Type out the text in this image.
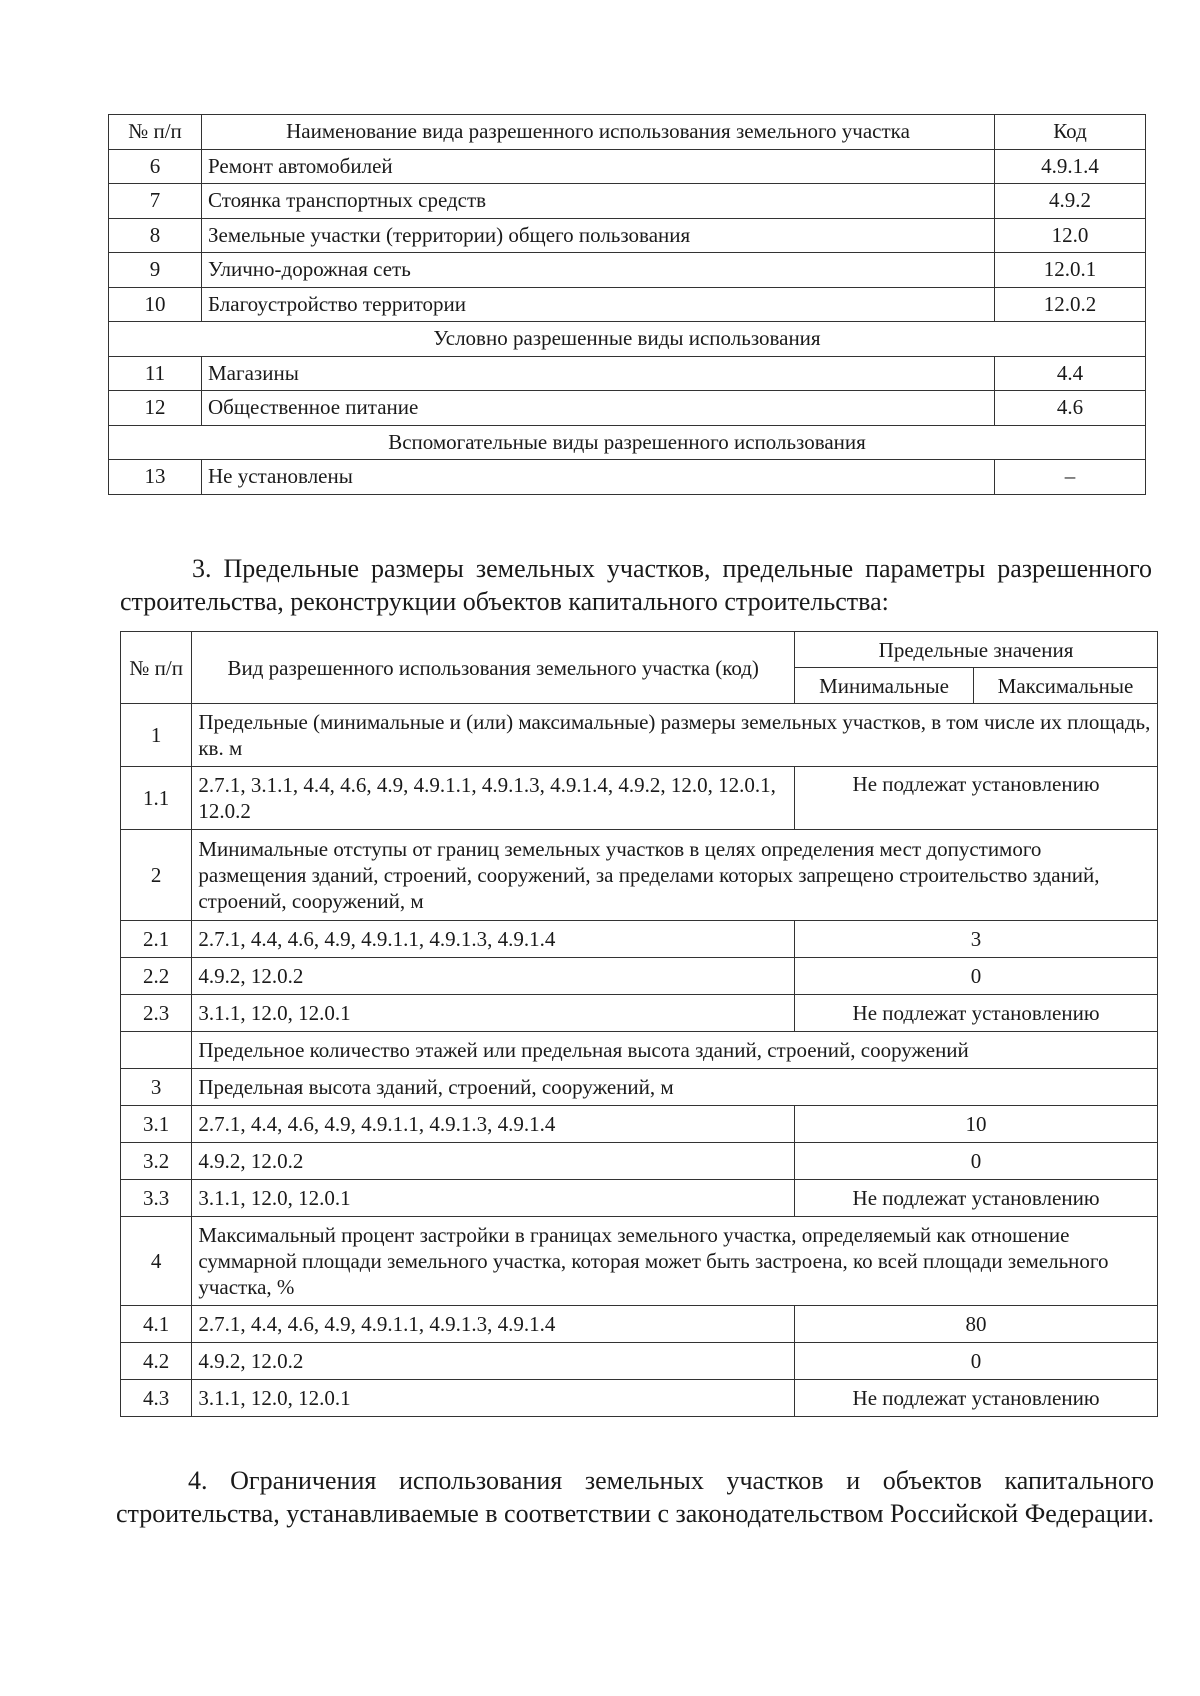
№ п/п	Наименование вида разрешенного использования земельного участка	Код
6	Ремонт автомобилей	4.9.1.4
7	Стоянка транспортных средств	4.9.2
8	Земельные участки (территории) общего пользования	12.0
9	Улично-дорожная сеть	12.0.1
10	Благоустройство территории	12.0.2
Условно разрешенные виды использования		
11	Магазины	4.4
12	Общественное питание	4.6
Вспомогательные виды разрешенного использования		
13	Не установлены	–
3. Предельные размеры земельных участков, предельные параметры разрешенного строительства, реконструкции объектов капитального строительства:
№ п/п	Вид разрешенного использования земельного участка (код)	Предельные значения	
		Минимальные	Максимальные
1	Предельные (минимальные и (или) максимальные) размеры земельных участков, в том числе их площадь, кв. м		
1.1	2.7.1, 3.1.1, 4.4, 4.6, 4.9, 4.9.1.1, 4.9.1.3, 4.9.1.4, 4.9.2, 12.0, 12.0.1, 12.0.2	Не подлежат установлению	
2	Минимальные отступы от границ земельных участков в целях определения мест допустимого размещения зданий, строений, сооружений, за пределами которых запрещено строительство зданий, строений, сооружений, м		
2.1	2.7.1, 4.4, 4.6, 4.9, 4.9.1.1, 4.9.1.3, 4.9.1.4	3	
2.2	4.9.2, 12.0.2	0	
2.3	3.1.1, 12.0, 12.0.1	Не подлежат установлению	
	Предельное количество этажей или предельная высота зданий, строений, сооружений		
3	Предельная высота зданий, строений, сооружений, м		
3.1	2.7.1, 4.4, 4.6, 4.9, 4.9.1.1, 4.9.1.3, 4.9.1.4	10	
3.2	4.9.2, 12.0.2	0	
3.3	3.1.1, 12.0, 12.0.1	Не подлежат установлению	
4	Максимальный процент застройки в границах земельного участка, определяемый как отношение суммарной площади земельного участка, которая может быть застроена, ко всей площади земельного участка, %		
4.1	2.7.1, 4.4, 4.6, 4.9, 4.9.1.1, 4.9.1.3, 4.9.1.4	80	
4.2	4.9.2, 12.0.2	0	
4.3	3.1.1, 12.0, 12.0.1	Не подлежат установлению	
4. Ограничения использования земельных участков и объектов капитального строительства, устанавливаемые в соответствии с законодательством Российской Федерации.
